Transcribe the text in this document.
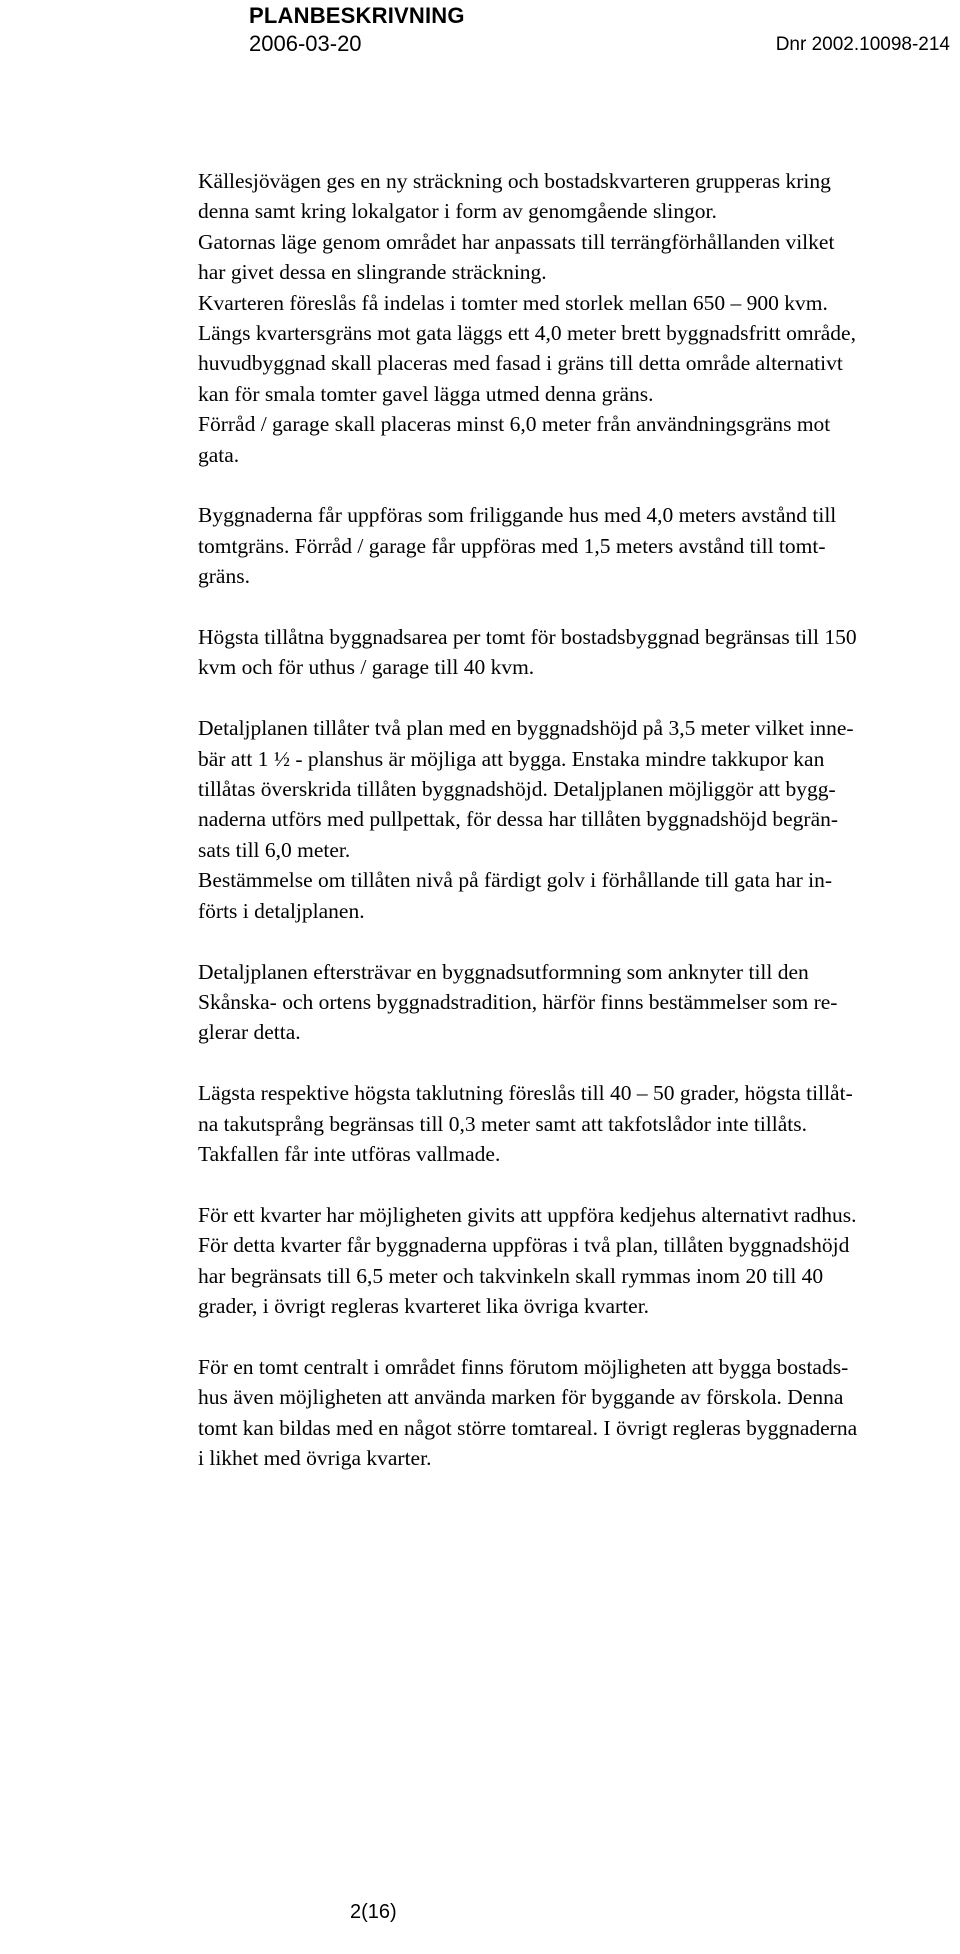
PLANBESKRIVNING
2006-03-20	Dnr 2002.10098-214
Källesjövägen ges en ny sträckning och bostadskvarteren grupperas kring
denna samt kring lokalgator i form av genomgående slingor.
Gatornas läge genom området har anpassats till terrängförhållanden vilket
har givet dessa en slingrande sträckning.
Kvarteren föreslås få indelas i tomter med storlek mellan 650 – 900 kvm.
Längs kvartersgräns mot gata läggs ett 4,0 meter brett byggnadsfritt område,
huvudbyggnad skall placeras med fasad i gräns till detta område alternativt
kan för smala tomter gavel lägga utmed denna gräns.
Förråd / garage skall placeras minst 6,0 meter från användningsgräns mot
gata.
Byggnaderna får uppföras som friliggande hus med 4,0 meters avstånd till
tomtgräns. Förråd / garage får uppföras med 1,5 meters avstånd till tomt-
gräns.
Högsta tillåtna byggnadsarea per tomt för bostadsbyggnad begränsas till 150
kvm och för uthus / garage till 40 kvm.
Detaljplanen tillåter två plan med en byggnadshöjd på 3,5 meter vilket inne-
bär att 1 ½ - planshus är möjliga att bygga. Enstaka mindre takkupor kan
tillåtas överskrida tillåten byggnadshöjd. Detaljplanen möjliggör att bygg-
naderna utförs med pullpettak, för dessa har tillåten byggnadshöjd begrän-
sats till 6,0 meter.
Bestämmelse om tillåten nivå på färdigt golv i förhållande till gata har in-
förts i detaljplanen.
Detaljplanen eftersträvar en byggnadsutformning som anknyter till den
Skånska- och ortens byggnadstradition, härför finns bestämmelser som re-
glerar detta.
Lägsta respektive högsta taklutning föreslås till 40 – 50 grader, högsta tillåt-
na takutsprång begränsas till 0,3 meter samt att takfotslådor inte tillåts.
Takfallen får inte utföras vallmade.
För ett kvarter har möjligheten givits att uppföra kedjehus alternativt radhus.
För detta kvarter får byggnaderna uppföras i två plan, tillåten byggnadshöjd
har begränsats till 6,5 meter och takvinkeln skall rymmas inom 20 till 40
grader, i övrigt regleras kvarteret lika övriga kvarter.
För en tomt centralt i området finns förutom möjligheten att bygga bostads-
hus även möjligheten att använda marken för byggande av förskola. Denna
tomt kan bildas med en något större tomtareal. I övrigt regleras byggnaderna
i likhet med övriga kvarter.
2(16)
